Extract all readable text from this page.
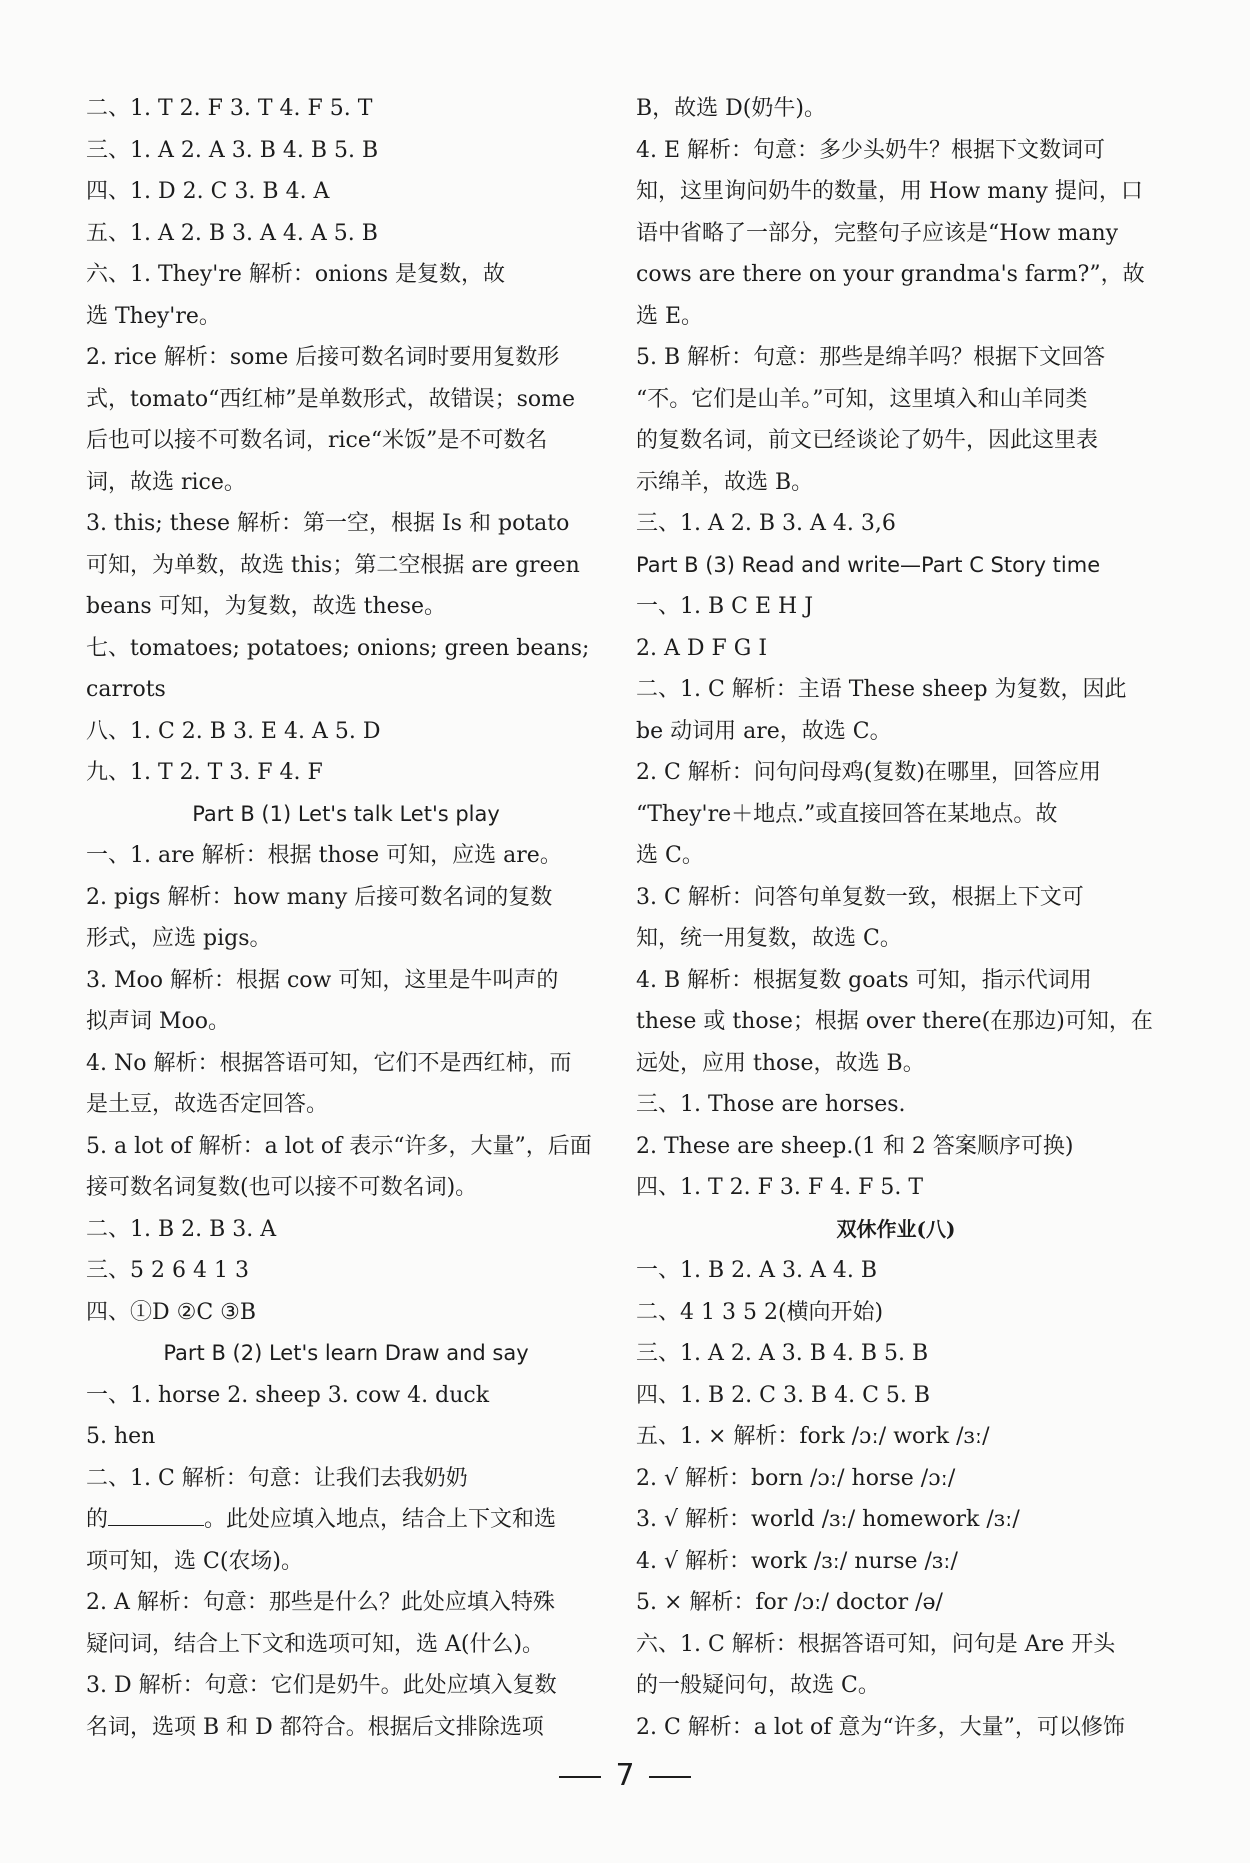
二、1. T 2. F 3. T 4. F 5. T
三、1. A 2. A 3. B 4. B 5. B
四、1. D 2. C 3. B 4. A
五、1. A 2. B 3. A 4. A 5. B
六、1. They're 解析：onions 是复数，故
选 They're。
2. rice 解析：some 后接可数名词时要用复数形
式，tomato“西红柿”是单数形式，故错误；some
后也可以接不可数名词，rice“米饭”是不可数名
词，故选 rice。
3. this; these 解析：第一空，根据 Is 和 potato
可知，为单数，故选 this；第二空根据 are green
beans 可知，为复数，故选 these。
七、tomatoes; potatoes; onions; green beans;
carrots
八、1. C 2. B 3. E 4. A 5. D
九、1. T 2. T 3. F 4. F
Part B (1) Let's talk Let's play
一、1. are 解析：根据 those 可知，应选 are。
2. pigs 解析：how many 后接可数名词的复数
形式，应选 pigs。
3. Moo 解析：根据 cow 可知，这里是牛叫声的
拟声词 Moo。
4. No 解析：根据答语可知，它们不是西红柿，而
是土豆，故选否定回答。
5. a lot of 解析：a lot of 表示“许多，大量”，后面
接可数名词复数(也可以接不可数名词)。
二、1. B 2. B 3. A
三、5 2 6 4 1 3
四、①D ②C ③B
Part B (2) Let's learn Draw and say
一、1. horse 2. sheep 3. cow 4. duck
5. hen
二、1. C 解析：句意：让我们去我奶奶
的	。此处应填入地点，结合上下文和选
项可知，选 C(农场)。
2. A 解析：句意：那些是什么？此处应填入特殊
疑问词，结合上下文和选项可知，选 A(什么)。
3. D 解析：句意：它们是奶牛。此处应填入复数
名词，选项 B 和 D 都符合。根据后文排除选项
B，故选 D(奶牛)。
4. E 解析：句意：多少头奶牛？根据下文数词可
知，这里询问奶牛的数量，用 How many 提问，口
语中省略了一部分，完整句子应该是“How many
cows are there on your grandma's farm?”，故
选 E。
5. B 解析：句意：那些是绵羊吗？根据下文回答
“不。它们是山羊。”可知，这里填入和山羊同类
的复数名词，前文已经谈论了奶牛，因此这里表
示绵羊，故选 B。
三、1. A 2. B 3. A 4. 3,6
Part B (3) Read and write—Part C Story time
一、1. B C E H J
2. A D F G I
二、1. C 解析：主语 These sheep 为复数，因此
be 动词用 are，故选 C。
2. C 解析：问句问母鸡(复数)在哪里，回答应用
“They're＋地点.”或直接回答在某地点。故
选 C。
3. C 解析：问答句单复数一致，根据上下文可
知，统一用复数，故选 C。
4. B 解析：根据复数 goats 可知，指示代词用
these 或 those；根据 over there(在那边)可知，在
远处，应用 those，故选 B。
三、1. Those are horses.
2. These are sheep.(1 和 2 答案顺序可换)
四、1. T 2. F 3. F 4. F 5. T
双休作业(八)
一、1. B 2. A 3. A 4. B
二、4 1 3 5 2(横向开始)
三、1. A 2. A 3. B 4. B 5. B
四、1. B 2. C 3. B 4. C 5. B
五、1. × 解析：fork /ɔː/ work /ɜː/
2. √ 解析：born /ɔː/ horse /ɔː/
3. √ 解析：world /ɜː/ homework /ɜː/
4. √ 解析：work /ɜː/ nurse /ɜː/
5. × 解析：for /ɔː/ doctor /ə/
六、1. C 解析：根据答语可知，问句是 Are 开头
的一般疑问句，故选 C。
2. C 解析：a lot of 意为“许多，大量”，可以修饰
7
